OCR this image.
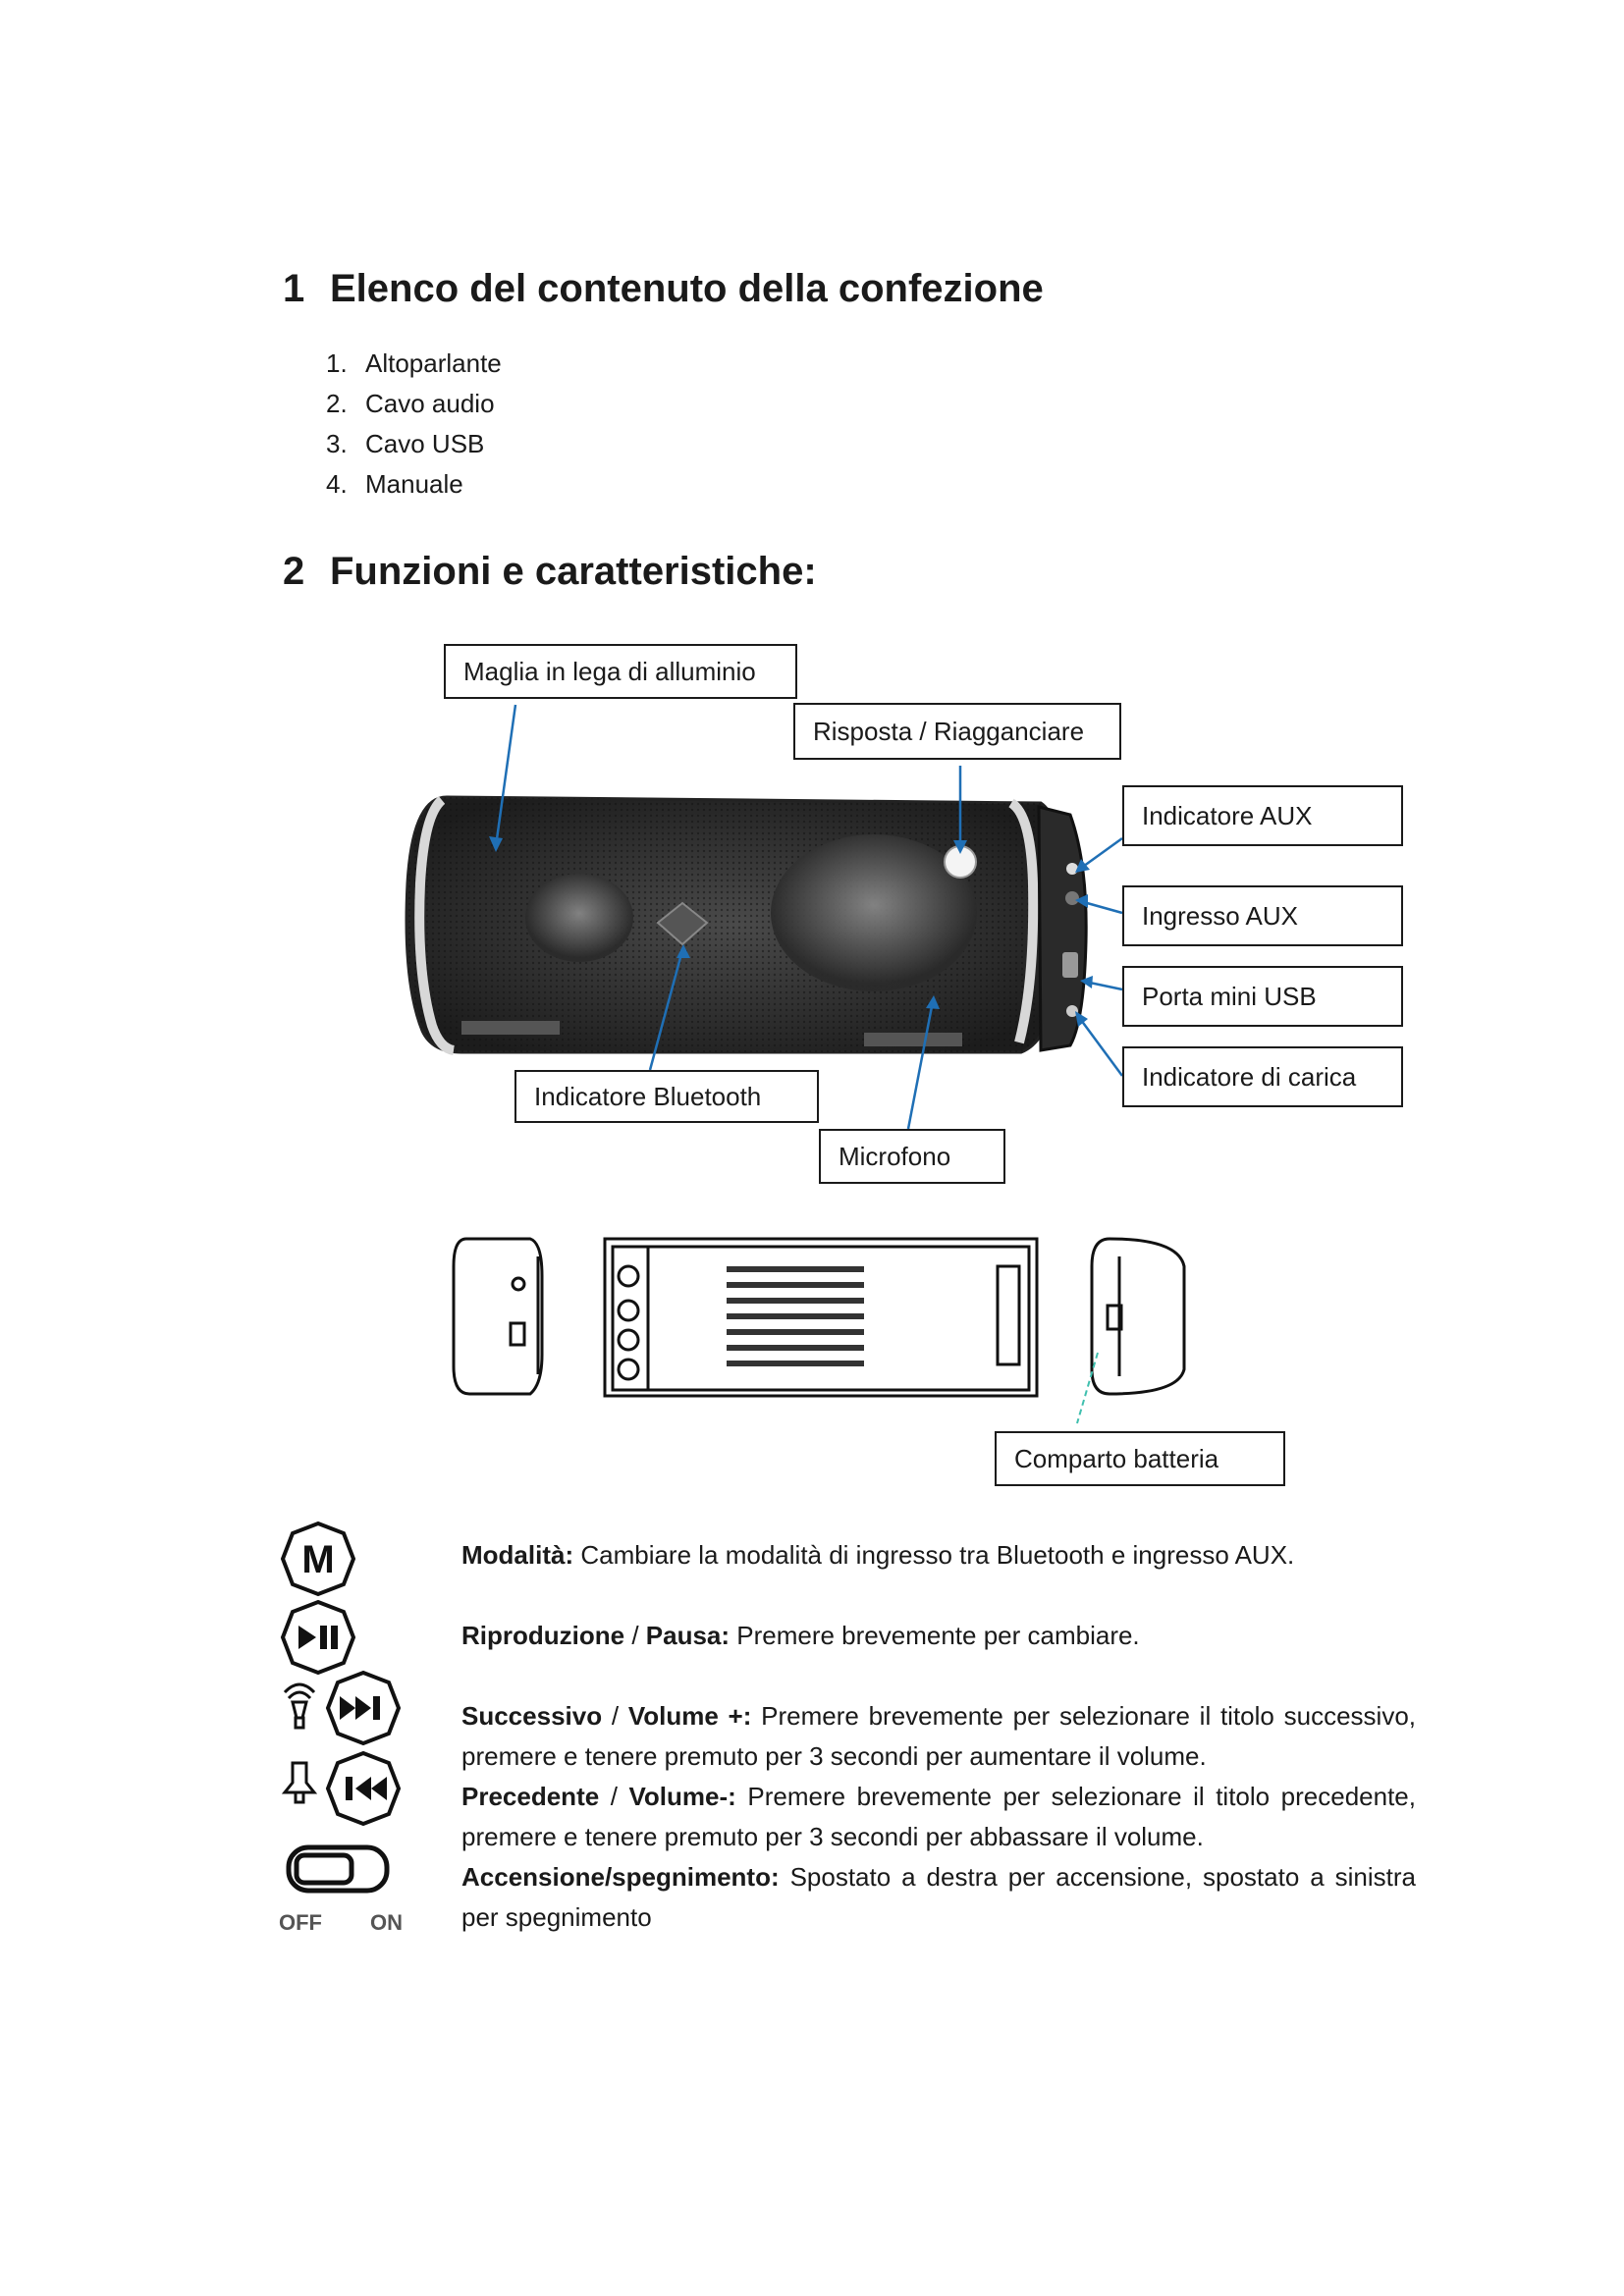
1 Elenco del contenuto della confezione
1. Altoparlante
2. Cavo audio
3. Cavo USB
4. Manuale
2 Funzioni e caratteristiche:
Maglia in lega di alluminio
Risposta / Riagganciare
Indicatore AUX
Ingresso AUX
Porta mini USB
Indicatore di carica
Indicatore Bluetooth
Microfono
Comparto batteria
M
OFF ON

Modalità: Cambiare la modalità di ingresso tra Bluetooth e ingresso AUX.

Riproduzione / Pausa: Premere brevemente per cambiare.

Successivo / Volume +: Premere brevemente per selezionare il titolo successivo, premere e tenere premuto per 3 secondi per aumentare il volume.

Precedente / Volume-: Premere brevemente per selezionare il titolo precedente, premere e tenere premuto per 3 secondi per abbassare il volume.

Accensione/spegnimento: Spostato a destra per accensione, spostato a sinistra per spegnimento
